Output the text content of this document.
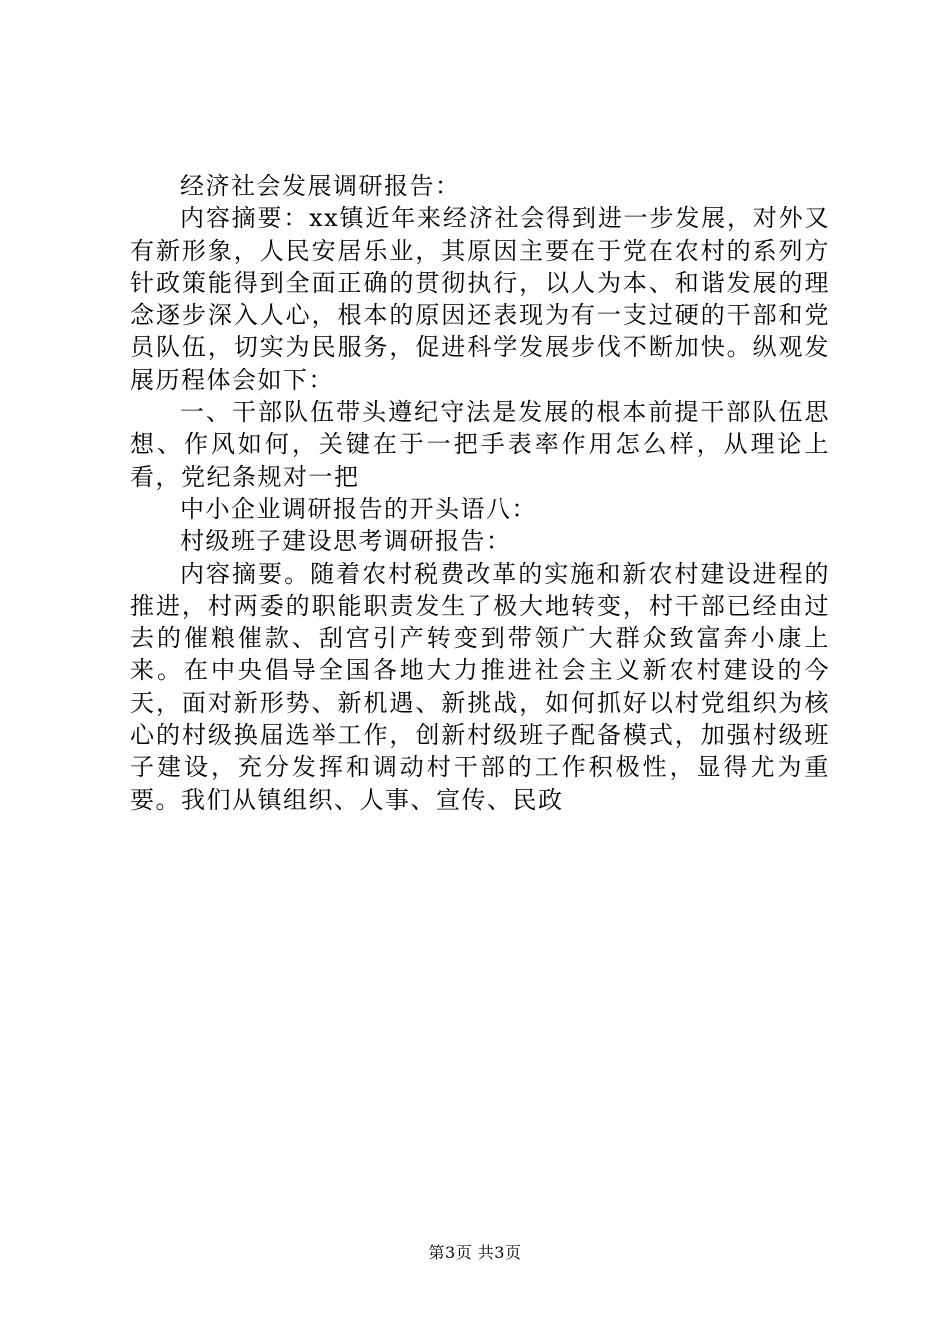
经济社会发展调研报告：

内容摘要：xx镇近年来经济社会得到进一步发展，对外又有新形象，人民安居乐业，其原因主要在于党在农村的系列方针政策能得到全面正确的贯彻执行，以人为本、和谐发展的理念逐步深入人心，根本的原因还表现为有一支过硬的干部和党员队伍，切实为民服务，促进科学发展步伐不断加快。纵观发展历程体会如下：

一、干部队伍带头遵纪守法是发展的根本前提干部队伍思想、作风如何，关键在于一把手表率作用怎么样，从理论上看，党纪条规对一把

中小企业调研报告的开头语八：

村级班子建设思考调研报告：

内容摘要。随着农村税费改革的实施和新农村建设进程的推进，村两委的职能职责发生了极大地转变，村干部已经由过去的催粮催款、刮宫引产转变到带领广大群众致富奔小康上来。在中央倡导全国各地大力推进社会主义新农村建设的今天，面对新形势、新机遇、新挑战，如何抓好以村党组织为核心的村级换届选举工作，创新村级班子配备模式，加强村级班子建设，充分发挥和调动村干部的工作积极性，显得尤为重要。我们从镇组织、人事、宣传、民政

第3页 共3页
